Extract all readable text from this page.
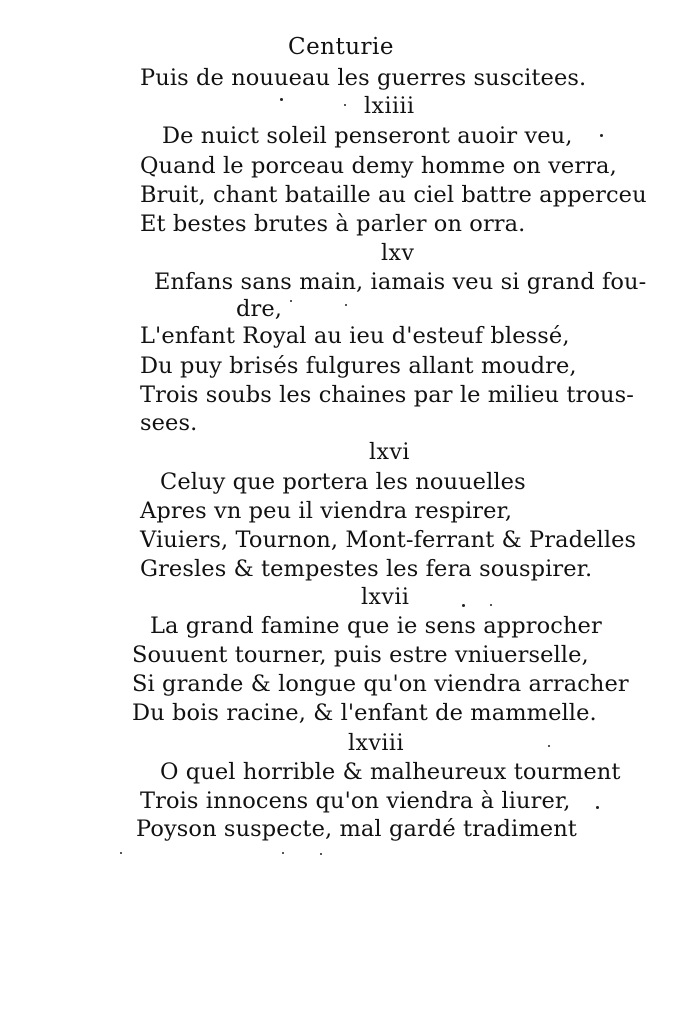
Centurie
Puis de nouueau les guerres suscitees.
lxiiii
De nuict soleil penseront auoir veu,
Quand le porceau demy homme on verra,
Bruit, chant bataille au ciel battre apperceu
Et bestes brutes à parler on orra.
lxv
Enfans sans main, iamais veu si grand fou-
dre,
L'enfant Royal au ieu d'esteuf blessé,
Du puy brisés fulgures allant moudre,
Trois soubs les chaines par le milieu trous-
sees.
lxvi
Celuy que portera les nouuelles
Apres vn peu il viendra respirer,
Viuiers, Tournon, Mont-ferrant & Pradelles
Gresles & tempestes les fera souspirer.
lxvii
La grand famine que ie sens approcher
Souuent tourner, puis estre vniuerselle,
Si grande & longue qu'on viendra arracher
Du bois racine, & l'enfant de mammelle.
lxviii
O quel horrible & malheureux tourment
Trois innocens qu'on viendra à liurer,
Poyson suspecte, mal gardé tradiment
